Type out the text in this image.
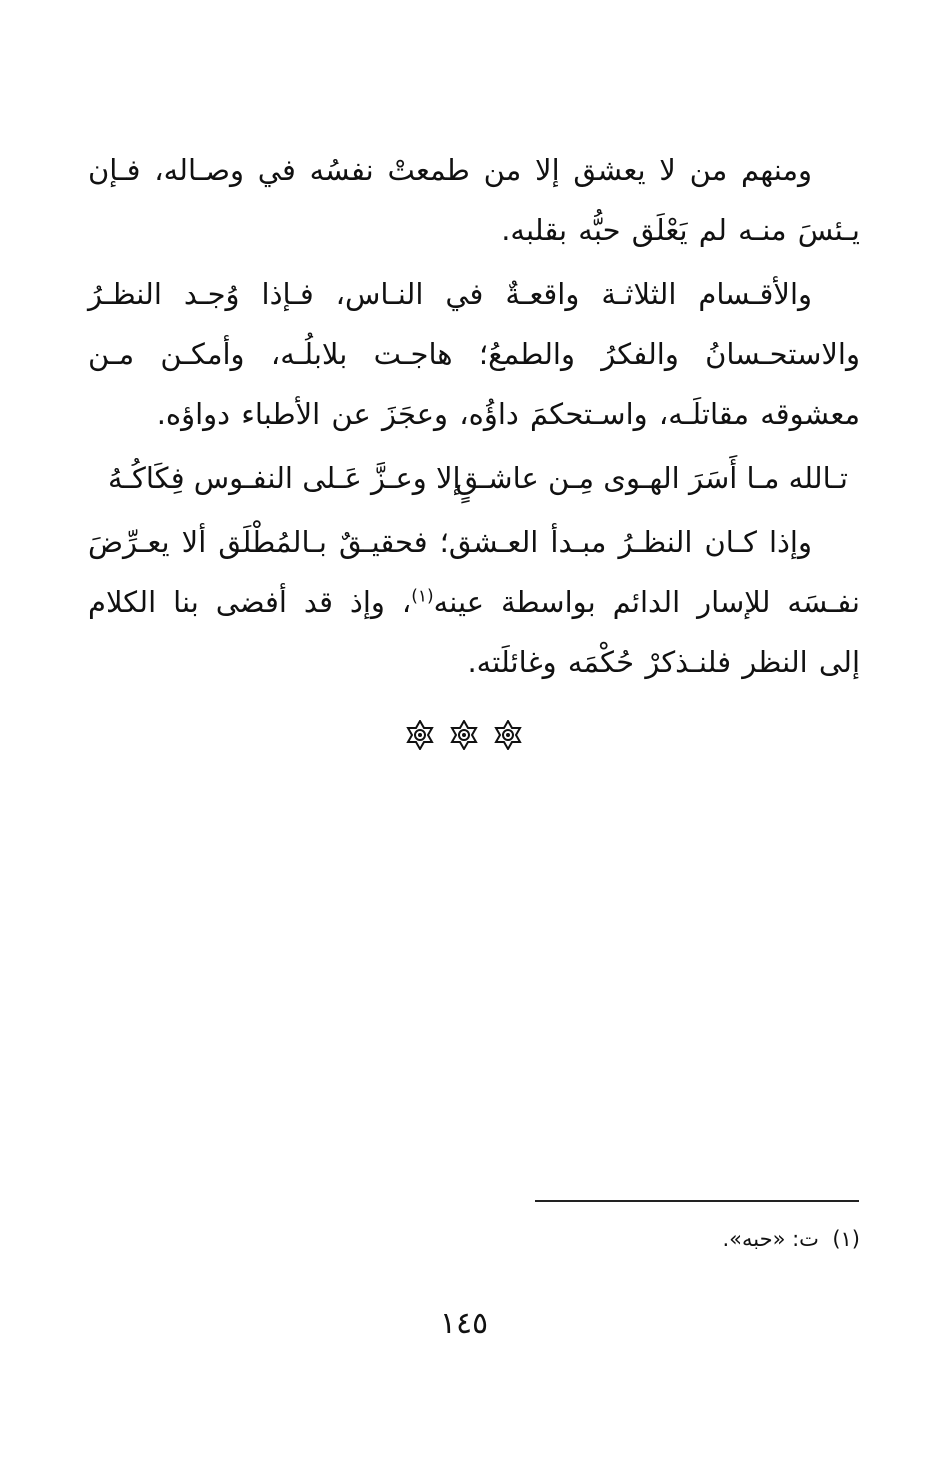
ومنهم من لا يعشق إلا من طمعتْ نفسُه في وصـاله، فـإن يـئسَ منـه لم يَعْلَق حبُّه بقلبه.

والأقـسام الثلاثـة واقعـةٌ في النـاس، فـإذا وُجـد النظـرُ والاستحـسانُ والفكرُ والطمعُ؛ هاجـت بلابلُـه، وأمكـن مـن معشوقه مقاتلَـه، واسـتحكمَ داؤُه، وعجَزَ عن الأطباء دواؤه.

تـالله مـا أَسَرَ الهـوى مِـن عاشـقٍ
إلا وعـزَّ عَـلى النفـوس فِكَاكُـهُ

وإذا كـان النظـرُ مبـدأ العـشق؛ فحقيـقٌ بـالمُطْلَق ألا يعـرِّضَ نفـسَه للإسار الدائم بواسطة عينه$^{(١)}$، وإذ قد أفضى بنا الكلام إلى النظر فلنـذكرْ حُكْمَه وغائلَته.

(١)  ت: «حبه».
١٤٥
